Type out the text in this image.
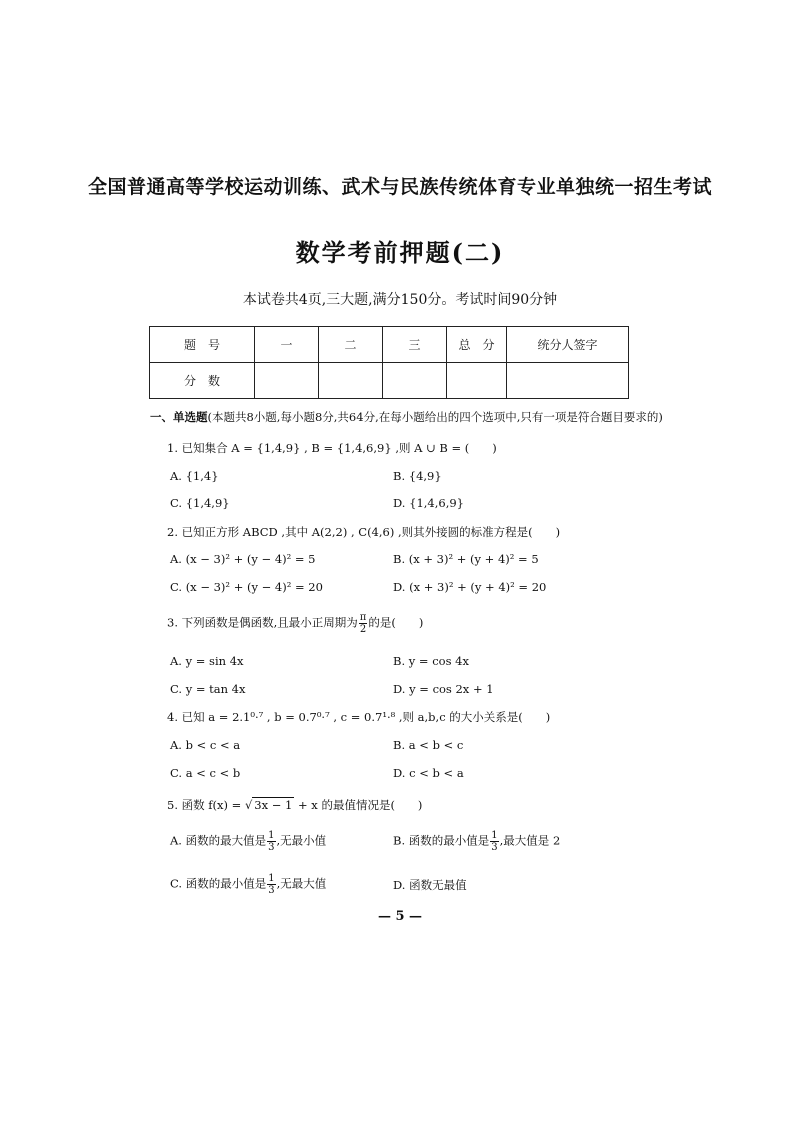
全国普通高等学校运动训练、武术与民族传统体育专业单独统一招生考试
数学考前押题(二)
本试卷共4页,三大题,满分150分。考试时间90分钟
题　号	一	二	三	总　分	统分人签字
分　数					
一、单选题(本题共8小题,每小题8分,共64分,在每小题给出的四个选项中,只有一项是符合题目要求的)
1. 已知集合 A = {1,4,9} , B = {1,4,6,9} ,则 A ∪ B = (　　)
A. {1,4}	B. {4,9}
C. {1,4,9}	D. {1,4,6,9}
2. 已知正方形 ABCD ,其中 A(2,2) , C(4,6) ,则其外接圆的标准方程是(　　)
A. (x − 3)² + (y − 4)² = 5	B. (x + 3)² + (y + 4)² = 5
C. (x − 3)² + (y − 4)² = 20	D. (x + 3)² + (y + 4)² = 20
3. 下列函数是偶函数,且最小正周期为 $\frac{\pi}{2}$ 的是(　　)
A. y = sin 4x	B. y = cos 4x
C. y = tan 4x	D. y = cos 2x + 1
4. 已知 a = 2.1⁰·⁷ , b = 0.7⁰·⁷ , c = 0.7¹·⁸ ,则 a,b,c 的大小关系是(　　)
A. b < c < a	B. a < b < c
C. a < c < b	D. c < b < a
5. 函数 f(x) = √ 3x − 1 + x 的最值情况是(　　)
A. 函数的最大值是 $\frac{1}{3}$ ,无最小值	B. 函数的最小值是 $\frac{1}{3}$ ,最大值是 2
C. 函数的最小值是 $\frac{1}{3}$ ,无最大值	D. 函数无最值
— 5 —
